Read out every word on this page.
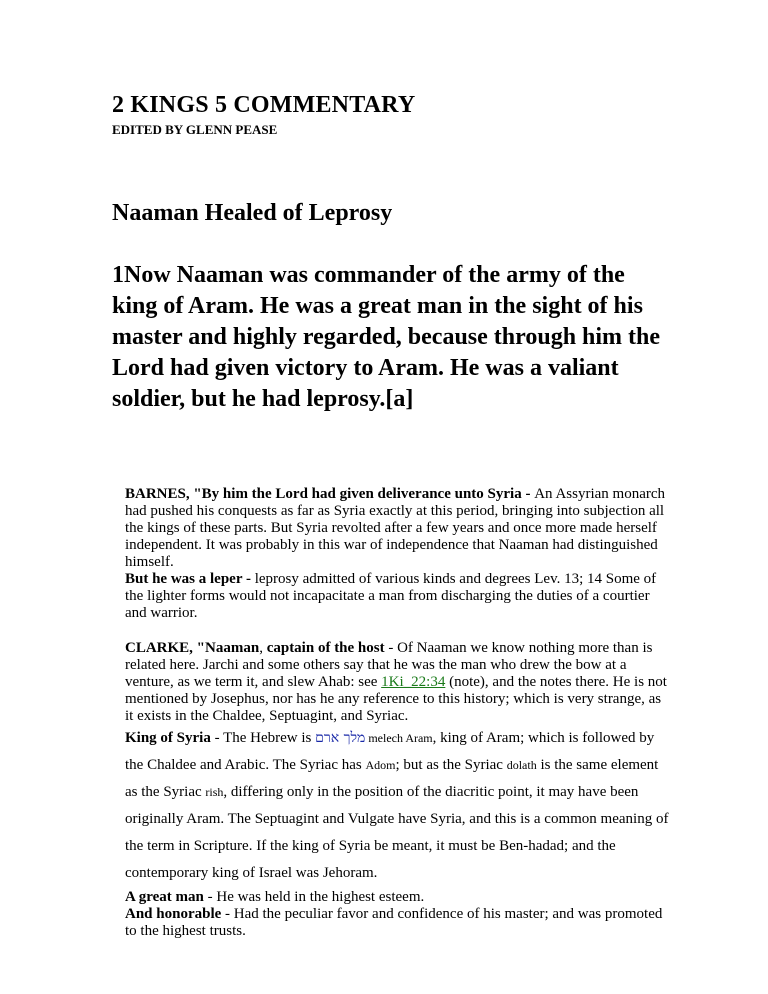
2 KINGS 5 COMMENTARY
EDITED BY GLENN PEASE
Naaman Healed of Leprosy
1Now Naaman was commander of the army of the king of Aram. He was a great man in the sight of his master and highly regarded, because through him the Lord had given victory to Aram. He was a valiant soldier, but he had leprosy.[a]

BARNES, "By him the Lord had given deliverance unto Syria - An Assyrian monarch had pushed his conquests as far as Syria exactly at this period, bringing into subjection all the kings of these parts. But Syria revolted after a few years and once more made herself independent. It was probably in this war of independence that Naaman had distinguished himself.

But he was a leper - leprosy admitted of various kinds and degrees Lev. 13; 14 Some of the lighter forms would not incapacitate a man from discharging the duties of a courtier and warrior.

CLARKE, "Naaman, captain of the host - Of Naaman we know nothing more than is related here. Jarchi and some others say that he was the man who drew the bow at a venture, as we term it, and slew Ahab: see 1Ki_22:34 (note), and the notes there. He is not mentioned by Josephus, nor has he any reference to this history; which is very strange, as it exists in the Chaldee, Septuagint, and Syriac.

King of Syria - The Hebrew is מלך ארם melech Aram, king of Aram; which is followed by the Chaldee and Arabic. The Syriac has Adom; but as the Syriac dolath is the same element as the Syriac rish, differing only in the position of the diacritic point, it may have been originally Aram. The Septuagint and Vulgate have Syria, and this is a common meaning of the term in Scripture. If the king of Syria be meant, it must be Ben-hadad; and the contemporary king of Israel was Jehoram.

A great man - He was held in the highest esteem.

And honorable - Had the peculiar favor and confidence of his master; and was promoted to the highest trusts.
